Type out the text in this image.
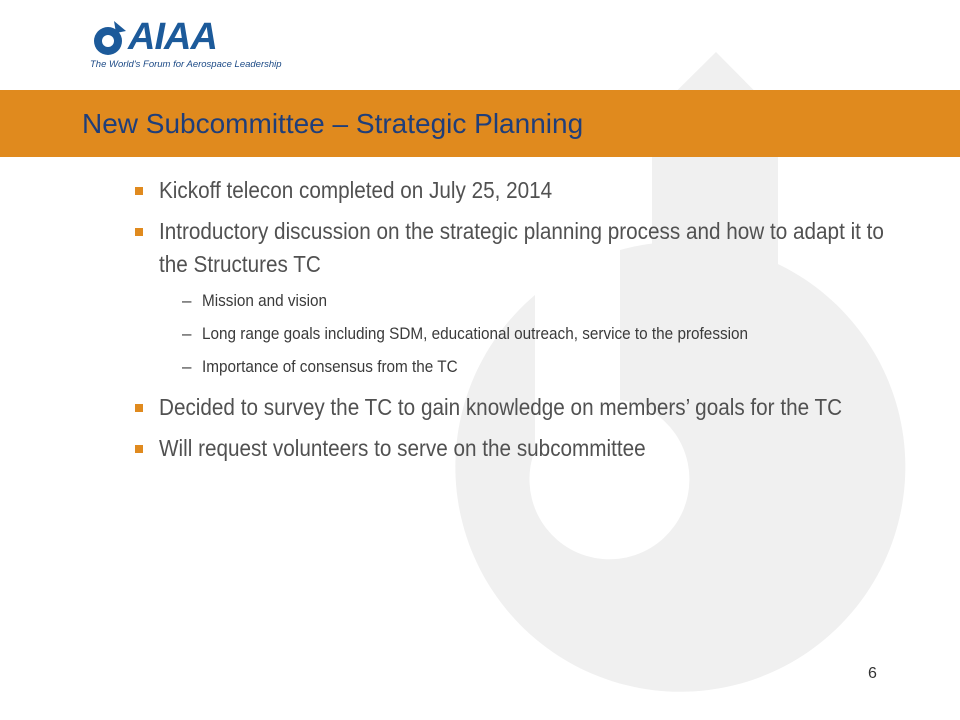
AIAA
The World's Forum for Aerospace Leadership
New Subcommittee – Strategic Planning
Kickoff telecon completed on July 25, 2014
Introductory discussion on the strategic planning process and how to adapt it to the Structures TC
– Mission and vision
– Long range goals including SDM, educational outreach, service to the profession
– Importance of consensus from the TC
Decided to survey the TC to gain knowledge on members’ goals for the TC
Will request volunteers to serve on the subcommittee
6
